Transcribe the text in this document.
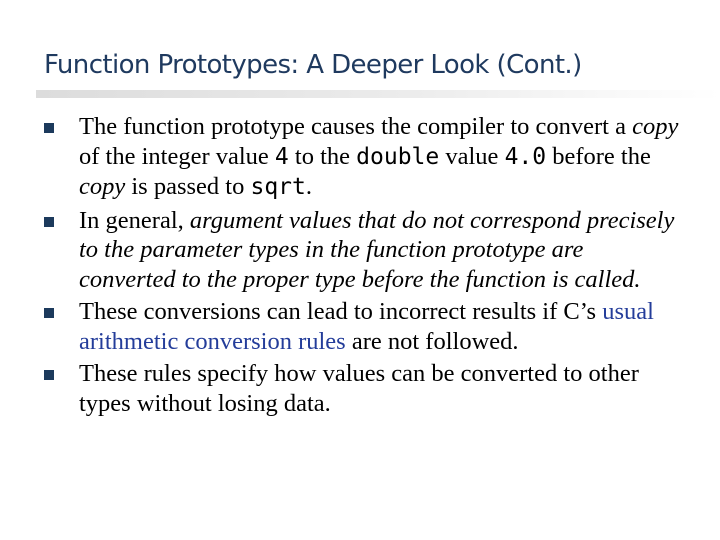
Function Prototypes: A Deeper Look (Cont.)
The function prototype causes the compiler to convert a copy of the integer value 4 to the double value 4.0 before the copy is passed to sqrt.
In general, argument values that do not correspond precisely to the parameter types in the function prototype are converted to the proper type before the function is called.
These conversions can lead to incorrect results if C’s usual arithmetic conversion rules are not followed.
These rules specify how values can be converted to other types without losing data.
